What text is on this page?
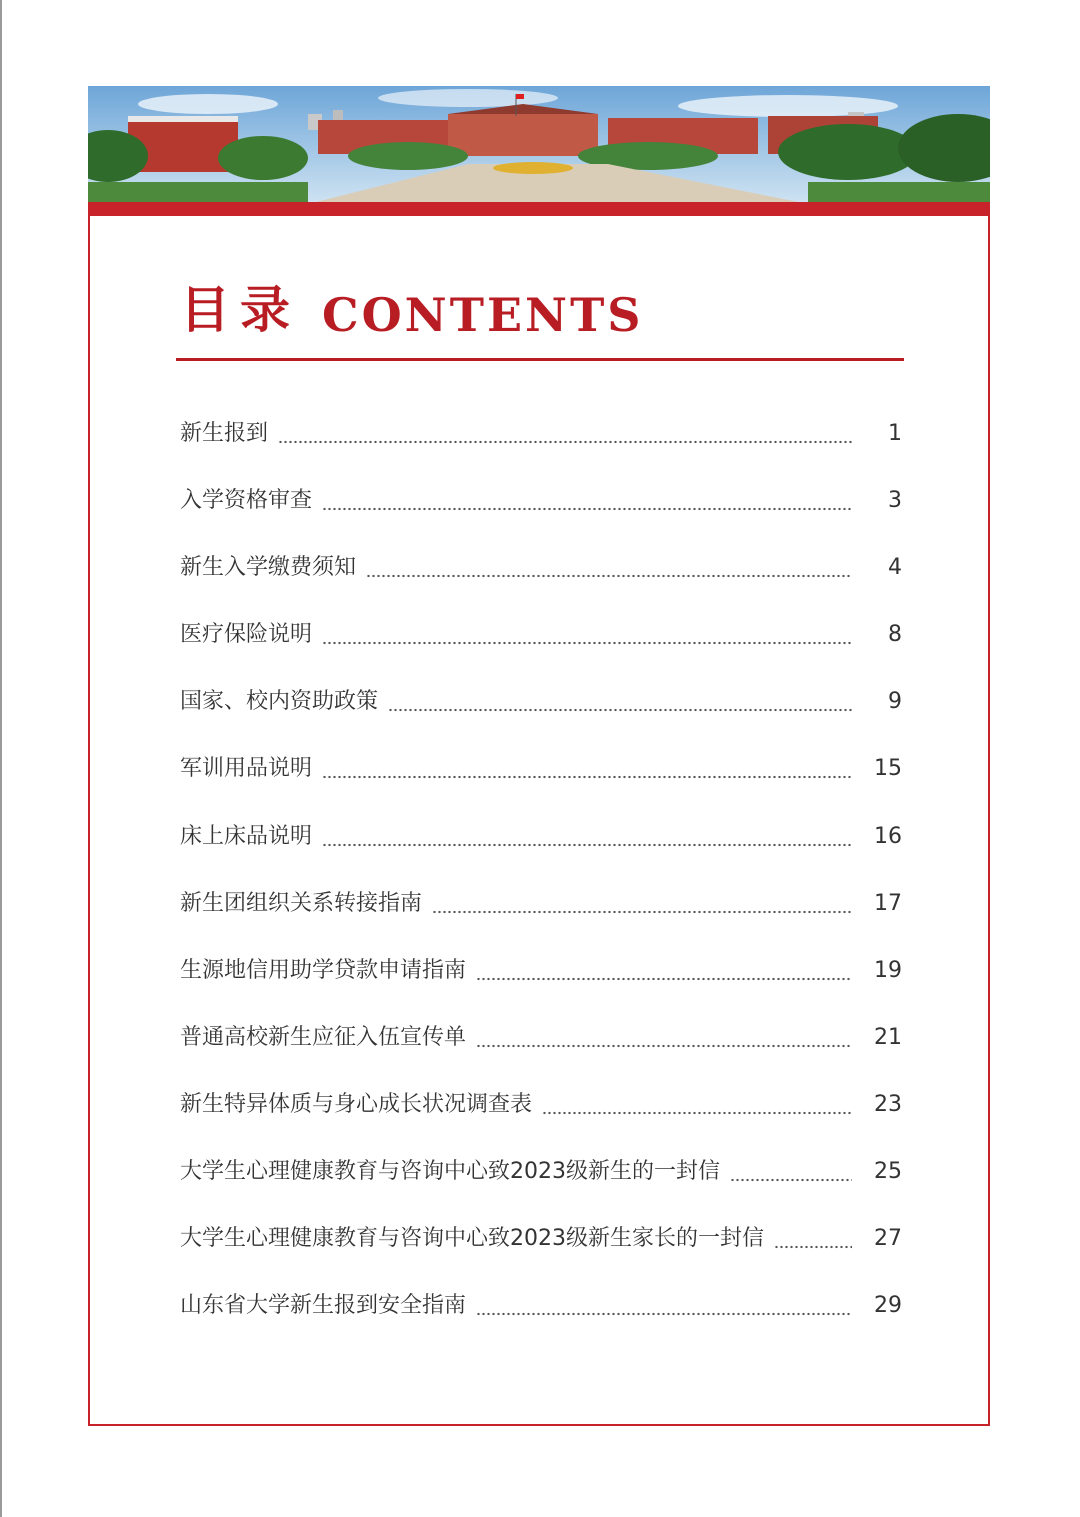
目录 CONTENTS
新生报到	1
入学资格审查	3
新生入学缴费须知	4
医疗保险说明	8
国家、校内资助政策	9
军训用品说明	15
床上床品说明	16
新生团组织关系转接指南	17
生源地信用助学贷款申请指南	19
普通高校新生应征入伍宣传单	21
新生特异体质与身心成长状况调查表	23
大学生心理健康教育与咨询中心致2023级新生的一封信	25
大学生心理健康教育与咨询中心致2023级新生家长的一封信	27
山东省大学新生报到安全指南	29
